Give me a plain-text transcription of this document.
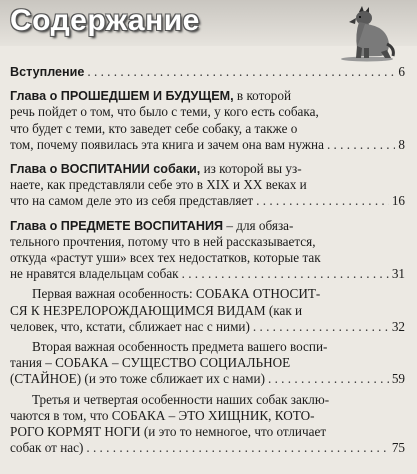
Содержание
Вступление . . .	6
Глава о ПРОШЕДШЕМ И БУДУЩЕМ, в которой
речь пойдет о том, что было с теми, у кого есть собака,
что будет с теми, кто заведет себе собаку, а также о
том, почему появилась эта книга и зачем она вам нужна . . .	8
Глава о ВОСПИТАНИИ собаки, из которой вы уз-
наете, как представляли себе это в XIX и XX веках и
что на самом деле это из себя представляет . . .	16
Глава о ПРЕДМЕТЕ ВОСПИТАНИЯ – для обяза-
тельного прочтения, потому что в ней рассказывается,
откуда «растут уши» всех тех недостатков, которые так
не нравятся владельцам собак . . .	31
Первая важная особенность: СОБАКА ОТНОСИТ-
СЯ К НЕЗРЕЛОРОЖДАЮЩИМСЯ ВИДАМ (как и
человек, что, кстати, сближает нас с ними) . . .	32
Вторая важная особенность предмета вашего воспи-
тания – СОБАКА – СУЩЕСТВО СОЦИАЛЬНОЕ
(СТАЙНОЕ) (и это тоже сближает их с нами) . . .	59
Третья и четвертая особенности наших собак заклю-
чаются в том, что СОБАКА – ЭТО ХИЩНИК, КОТО-
РОГО КОРМЯТ НОГИ (и это то немногое, что отличает
собак от нас) . . .	75
